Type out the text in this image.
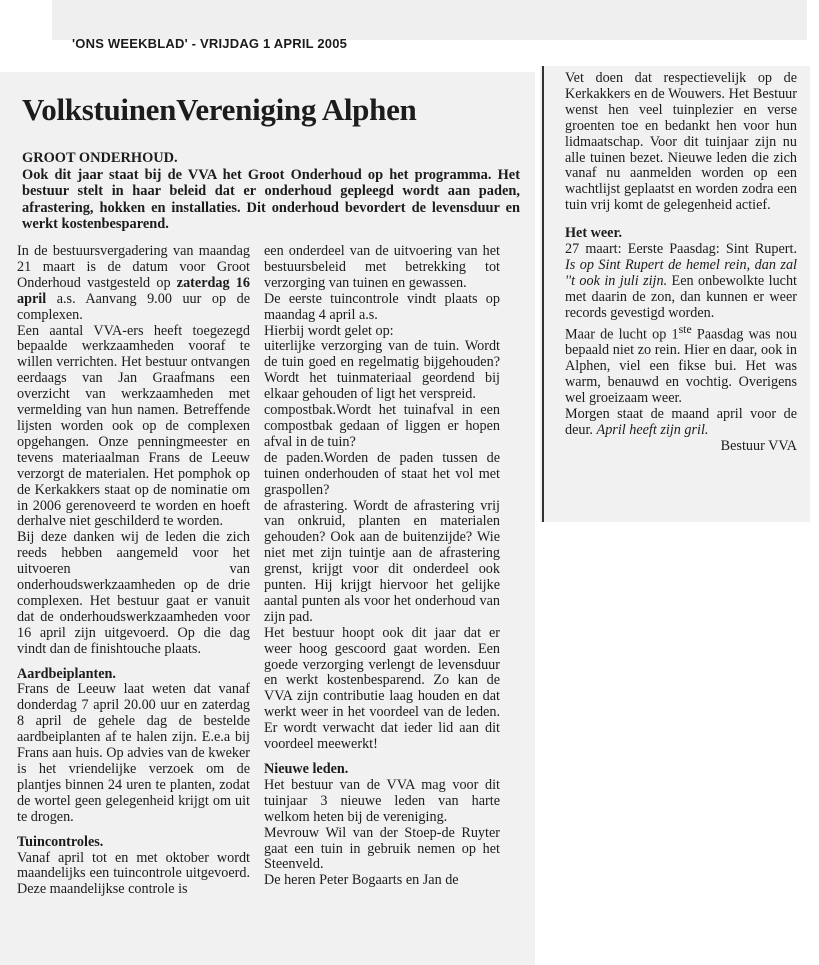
'ONS WEEKBLAD' - VRIJDAG 1 APRIL 2005
VolkstuinenVereniging Alphen
GROOT ONDERHOUD.
Ook dit jaar staat bij de VVA het Groot Onderhoud op het programma. Het bestuur stelt in haar beleid dat er onderhoud gepleegd wordt aan paden, afrastering, hokken en installaties. Dit onderhoud bevordert de levensduur en werkt kostenbesparend.

In de bestuursvergadering van maandag 21 maart is de datum voor Groot Onderhoud vastgesteld op zaterdag 16 april a.s. Aanvang 9.00 uur op de complexen.

Een aantal VVA-ers heeft toegezegd bepaalde werkzaamheden vooraf te willen verrichten. Het bestuur ontvangen eerdaags van Jan Graafmans een overzicht van werkzaamheden met vermelding van hun namen. Betreffende lijsten worden ook op de complexen opgehangen. Onze penningmeester en tevens materiaalman Frans de Leeuw verzorgt de materialen. Het pomphok op de Kerkakkers staat op de nominatie om in 2006 gerenoveerd te worden en hoeft derhalve niet geschilderd te worden.

Bij deze danken wij de leden die zich reeds hebben aangemeld voor het uitvoeren van onderhoudswerkzaamheden op de drie complexen. Het bestuur gaat er vanuit dat de onderhoudswerkzaamheden voor 16 april zijn uitgevoerd. Op die dag vindt dan de finishtouche plaats.

Aardbeiplanten.

Frans de Leeuw laat weten dat vanaf donderdag 7 april 20.00 uur en zaterdag 8 april de gehele dag de bestelde aardbeiplanten af te halen zijn. E.e.a bij Frans aan huis. Op advies van de kweker is het vriendelijke verzoek om de plantjes binnen 24 uren te planten, zodat de wortel geen gelegenheid krijgt om uit te drogen.

Tuincontroles.

Vanaf april tot en met oktober wordt maandelijks een tuincontrole uitgevoerd. Deze maandelijkse controle is

een onderdeel van de uitvoering van het bestuursbeleid met betrekking tot verzorging van tuinen en gewassen.

De eerste tuincontrole vindt plaats op maandag 4 april a.s.

Hierbij wordt gelet op:

uiterlijke verzorging van de tuin. Wordt de tuin goed en regelmatig bijgehouden? Wordt het tuinmateriaal geordend bij elkaar gehouden of ligt het verspreid.

compostbak.Wordt het tuinafval in een compostbak gedaan of liggen er hopen afval in de tuin?

de paden.Worden de paden tussen de tuinen onderhouden of staat het vol met graspollen?

de afrastering. Wordt de afrastering vrij van onkruid, planten en materialen gehouden? Ook aan de buitenzijde? Wie niet met zijn tuintje aan de afrastering grenst, krijgt voor dit onderdeel ook punten. Hij krijgt hiervoor het gelijke aantal punten als voor het onderhoud van zijn pad.

Het bestuur hoopt ook dit jaar dat er weer hoog gescoord gaat worden. Een goede verzorging verlengt de levensduur en werkt kostenbesparend. Zo kan de VVA zijn contributie laag houden en dat werkt weer in het voordeel van de leden. Er wordt verwacht dat ieder lid aan dit voordeel meewerkt!

Nieuwe leden.

Het bestuur van de VVA mag voor dit tuinjaar 3 nieuwe leden van harte welkom heten bij de vereniging.

Mevrouw Wil van der Stoep-de Ruyter gaat een tuin in gebruik nemen op het Steenveld.

De heren Peter Bogaarts en Jan de

Vet doen dat respectievelijk op de Kerkakkers en de Wouwers. Het Bestuur wenst hen veel tuinplezier en verse groenten toe en bedankt hen voor hun lidmaatschap. Voor dit tuinjaar zijn nu alle tuinen bezet. Nieuwe leden die zich vanaf nu aanmelden worden op een wachtlijst geplaatst en worden zodra een tuin vrij komt de gelegenheid actief.

Het weer.

27 maart: Eerste Paasdag: Sint Rupert. Is op Sint Rupert de hemel rein, dan zal ''t ook in juli zijn. Een onbewolkte lucht met daarin de zon, dan kunnen er weer records gevestigd worden.

Maar de lucht op 1ste Paasdag was nou bepaald niet zo rein. Hier en daar, ook in Alphen, viel een fikse bui. Het was warm, benauwd en vochtig. Overigens wel groeizaam weer.

Morgen staat de maand april voor de deur. April heeft zijn gril.

Bestuur VVA
